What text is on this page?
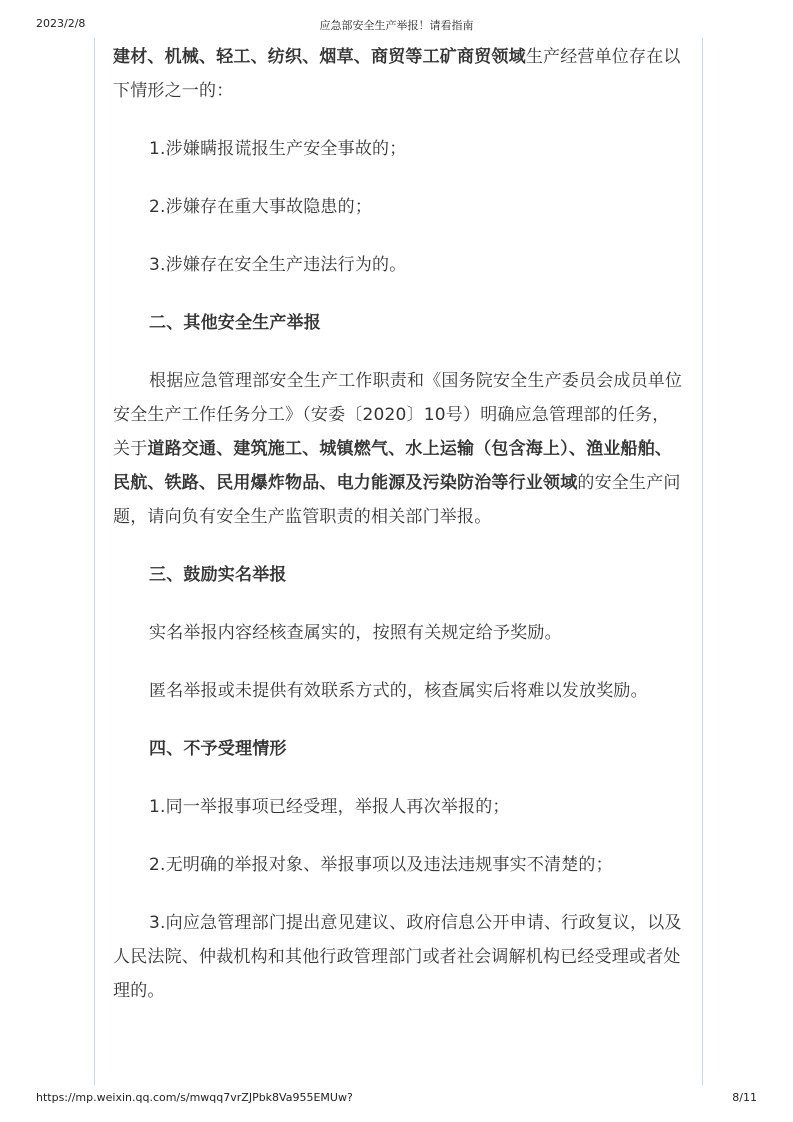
2023/2/8	应急部安全生产举报！请看指南

建材、机械、轻工、纺织、烟草、商贸等工矿商贸领域生产经营单位存在以下情形之一的：

1.涉嫌瞒报谎报生产安全事故的；

2.涉嫌存在重大事故隐患的；

3.涉嫌存在安全生产违法行为的。

二、其他安全生产举报

根据应急管理部安全生产工作职责和《国务院安全生产委员会成员单位安全生产工作任务分工》（安委〔2020〕10号）明确应急管理部的任务，关于道路交通、建筑施工、城镇燃气、水上运输（包含海上）、渔业船舶、民航、铁路、民用爆炸物品、电力能源及污染防治等行业领域的安全生产问题，请向负有安全生产监管职责的相关部门举报。

三、鼓励实名举报

实名举报内容经核查属实的，按照有关规定给予奖励。

匿名举报或未提供有效联系方式的，核查属实后将难以发放奖励。

四、不予受理情形

1.同一举报事项已经受理，举报人再次举报的；

2.无明确的举报对象、举报事项以及违法违规事实不清楚的；

3.向应急管理部门提出意见建议、政府信息公开申请、行政复议，以及人民法院、仲裁机构和其他行政管理部门或者社会调解机构已经受理或者处理的。

https://mp.weixin.qq.com/s/mwqq7vrZJPbk8Va955EMUw?	8/11
